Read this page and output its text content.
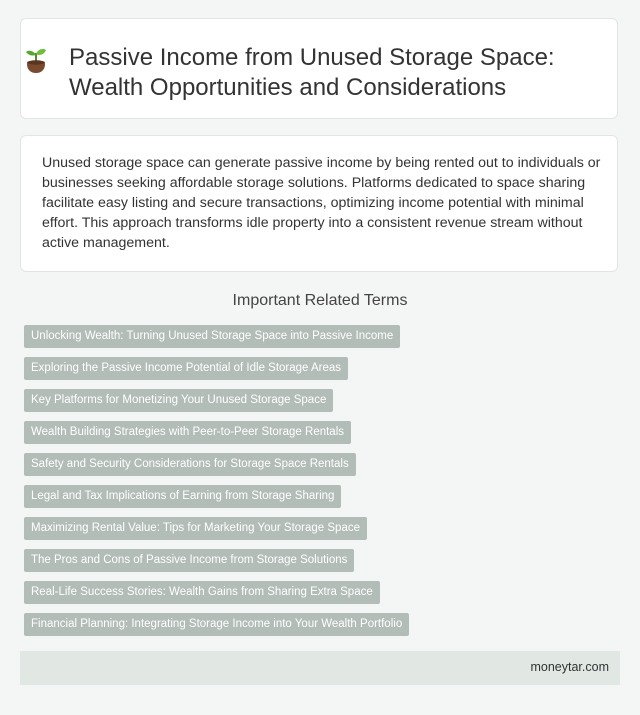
Passive Income from Unused Storage Space: Wealth Opportunities and Considerations

Unused storage space can generate passive income by being rented out to individuals or businesses seeking affordable storage solutions. Platforms dedicated to space sharing facilitate easy listing and secure transactions, optimizing income potential with minimal effort. This approach transforms idle property into a consistent revenue stream without active management.

Important Related Terms
Unlocking Wealth: Turning Unused Storage Space into Passive Income
Exploring the Passive Income Potential of Idle Storage Areas
Key Platforms for Monetizing Your Unused Storage Space
Wealth Building Strategies with Peer-to-Peer Storage Rentals
Safety and Security Considerations for Storage Space Rentals
Legal and Tax Implications of Earning from Storage Sharing
Maximizing Rental Value: Tips for Marketing Your Storage Space
The Pros and Cons of Passive Income from Storage Solutions
Real-Life Success Stories: Wealth Gains from Sharing Extra Space
Financial Planning: Integrating Storage Income into Your Wealth Portfolio
moneytar.com
